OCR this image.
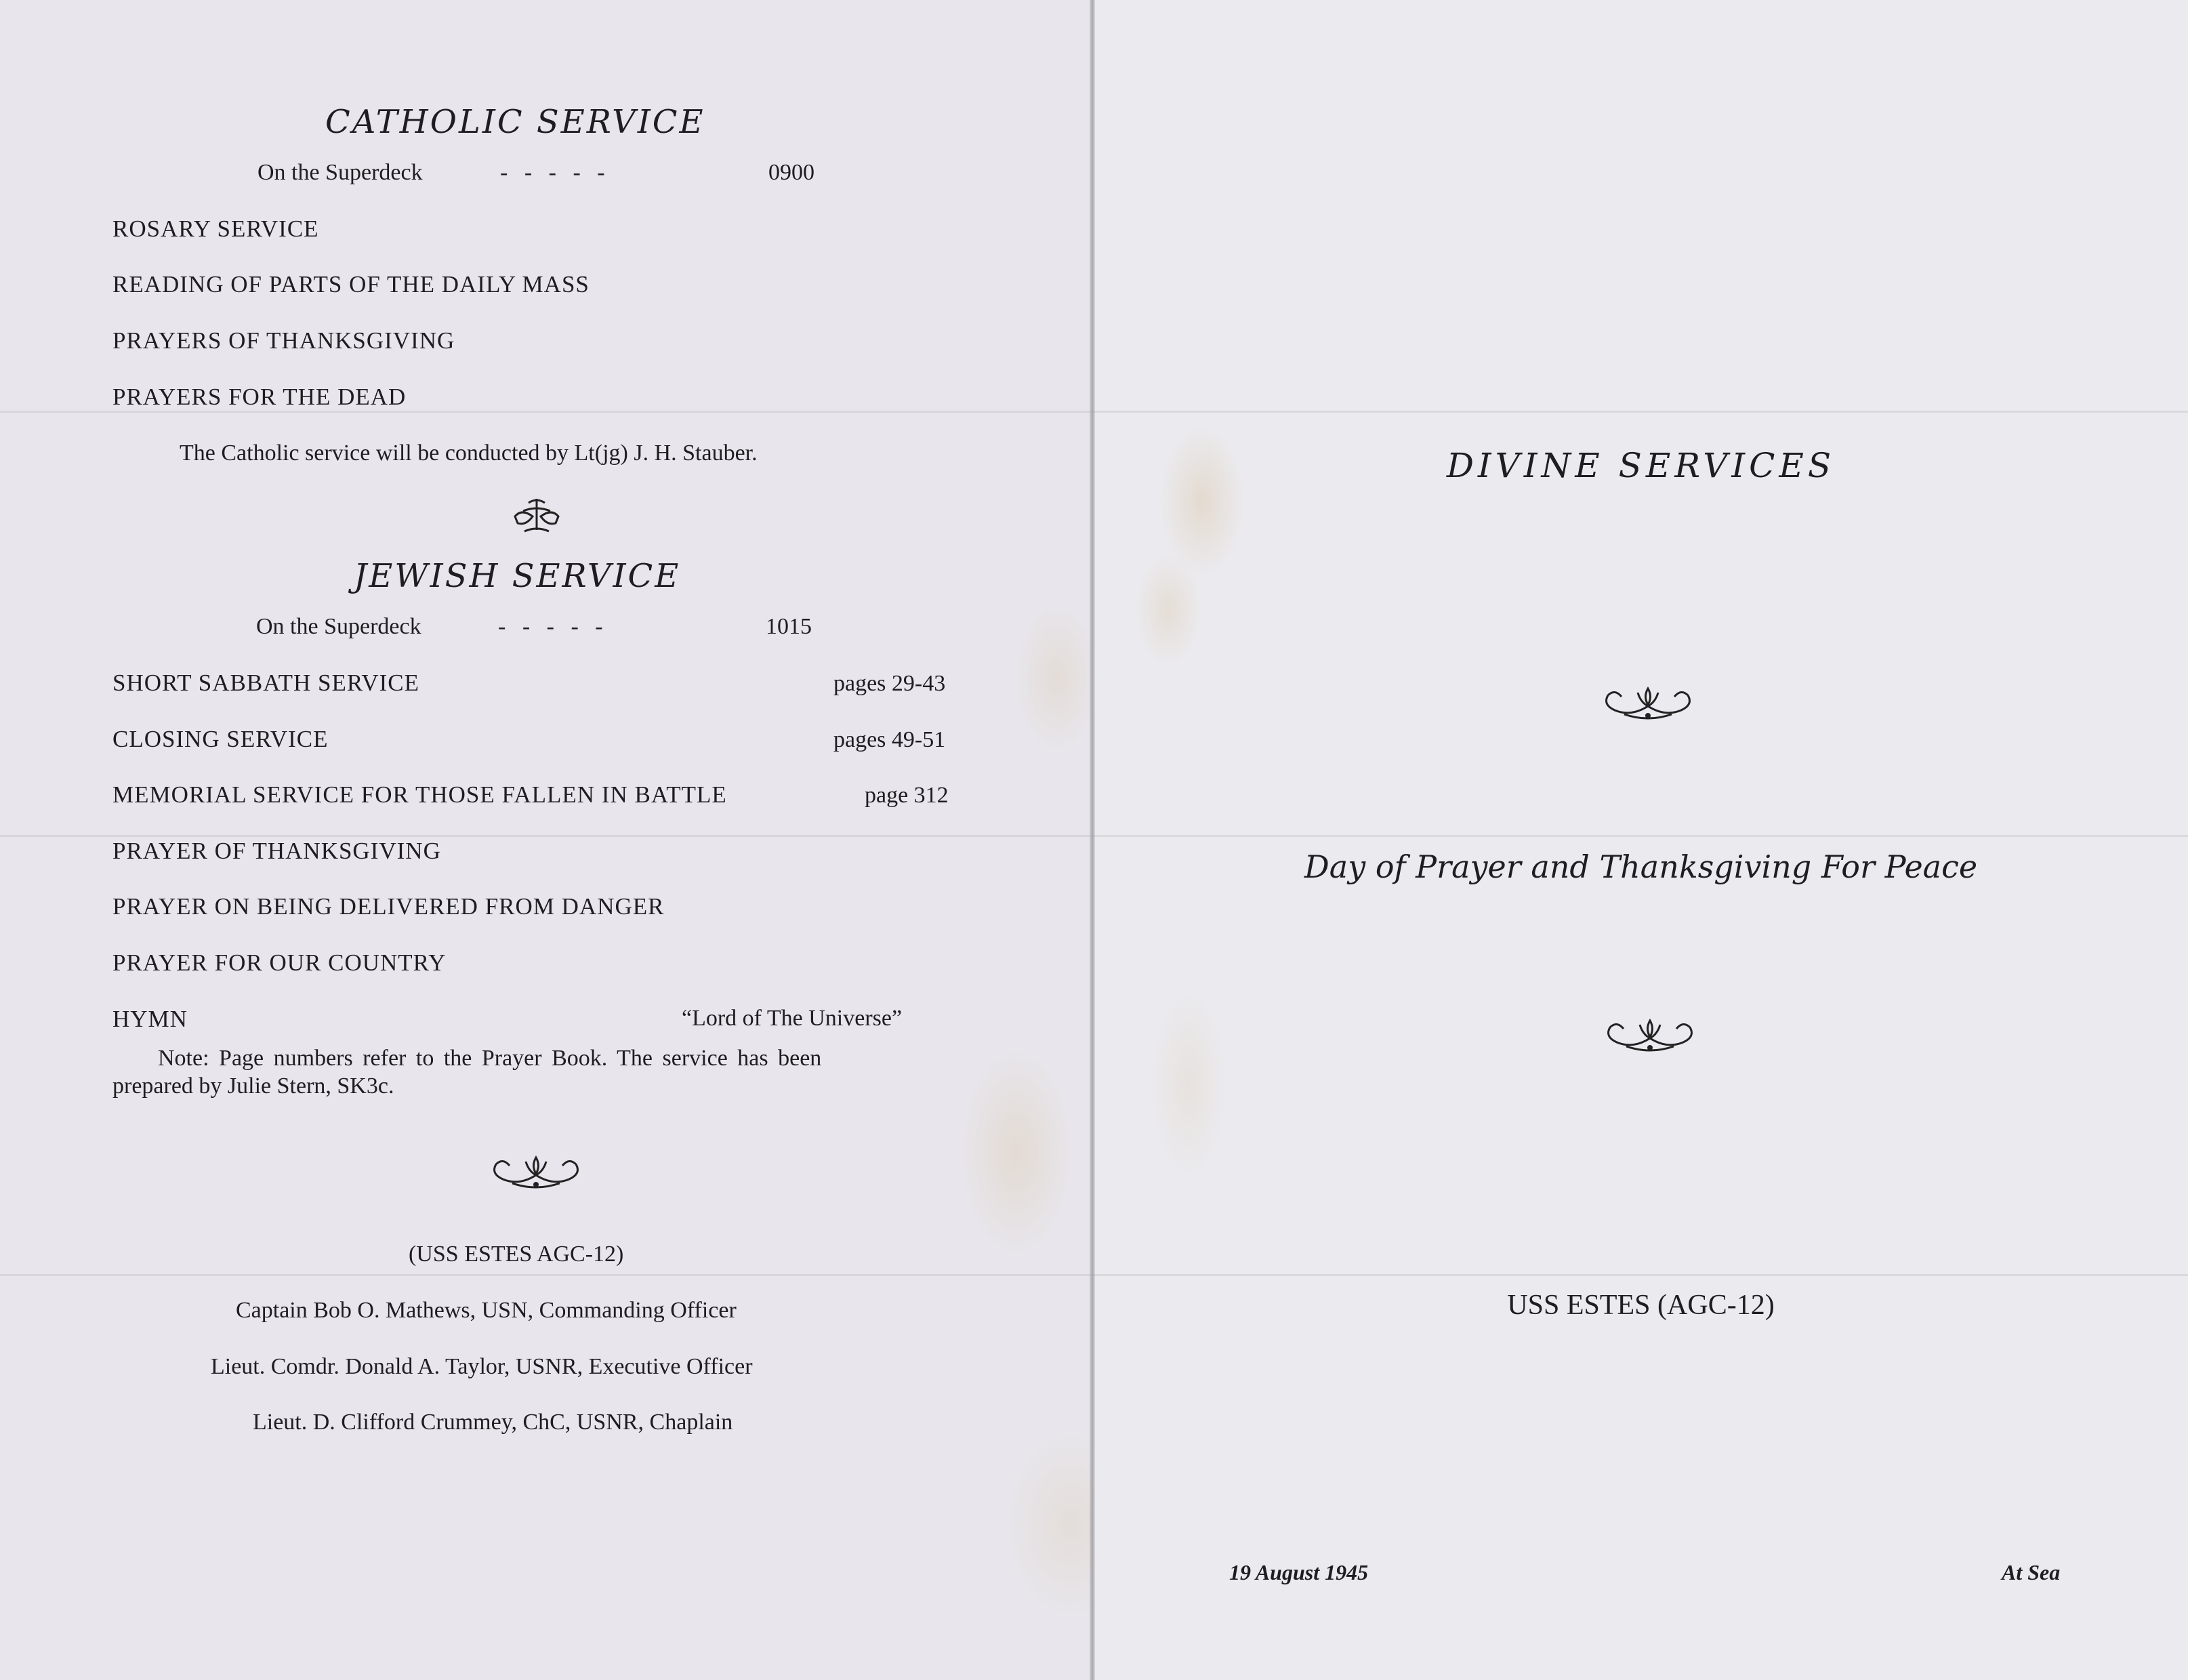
CATHOLIC SERVICE
On the Superdeck	- - - - -	0900
ROSARY SERVICE
READING OF PARTS OF THE DAILY MASS
PRAYERS OF THANKSGIVING
PRAYERS FOR THE DEAD
The Catholic service will be conducted by Lt(jg) J. H. Stauber.
JEWISH SERVICE
On the Superdeck	- - - - -	1015
SHORT SABBATH SERVICE	pages 29-43
CLOSING SERVICE	pages 49-51
MEMORIAL SERVICE FOR THOSE FALLEN IN BATTLE	page 312
PRAYER OF THANKSGIVING
PRAYER ON BEING DELIVERED FROM DANGER
PRAYER FOR OUR COUNTRY
HYMN	“Lord of The Universe”
Note: Page numbers refer to the Prayer Book. The service has been
prepared by Julie Stern, SK3c.
(USS ESTES AGC-12)
Captain Bob O. Mathews, USN, Commanding Officer
Lieut. Comdr. Donald A. Taylor, USNR, Executive Officer
Lieut. D. Clifford Crummey, ChC, USNR, Chaplain
DIVINE SERVICES
Day of Prayer and Thanksgiving For Peace
USS ESTES (AGC-12)
19 August 1945	At Sea
